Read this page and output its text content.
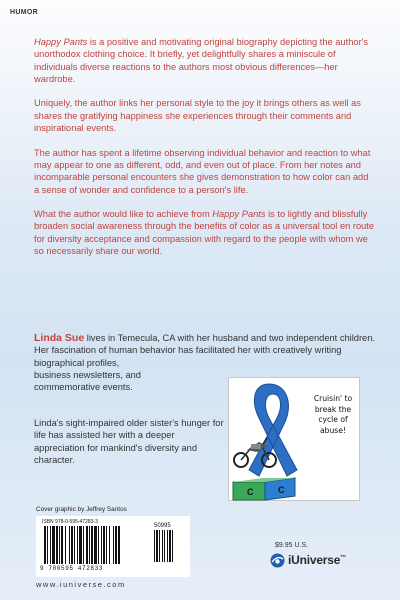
HUMOR

Happy Pants is a positive and motivating original biography depicting the author's unorthodox clothing choice. It briefly, yet delightfully shares a miniscule of individuals diverse reactions to the authors most obvious differences—her wardrobe.

Uniquely, the author links her personal style to the joy it brings others as well as shares the gratifying happiness she experiences through their comments and inspirational events.

The author has spent a lifetime observing individual behavior and reaction to what may appear to one as different, odd, and even out of place. From her notes and incomparable personal encounters she gives demonstration to how color can add a sense of wonder and confidence to a person's life.

What the author would like to achieve from Happy Pants is to lightly and blissfully broaden social awareness through the benefits of color as a universal tool en route for diversity acceptance and compassion with regard to the people with whom we so necessarily share our world.

Linda Sue lives in Temecula, CA with her husband and two independent children. Her fascination of human behavior has facilitated her with creatively writing biographical profiles,
business newsletters, and
commemorative events.
Linda's sight-impaired older sister's hunger for life has assisted her with a deeper appreciation for mankind's diversity and character.
C	C
Cruisin' to break the cycle of abuse!
Cover graphic by Jeffrey Santos
ISBN 978-0-595-47283-3
50995
9 780595 472833
www.iuniverse.com
$9.95 U.S.
iUniverse™
